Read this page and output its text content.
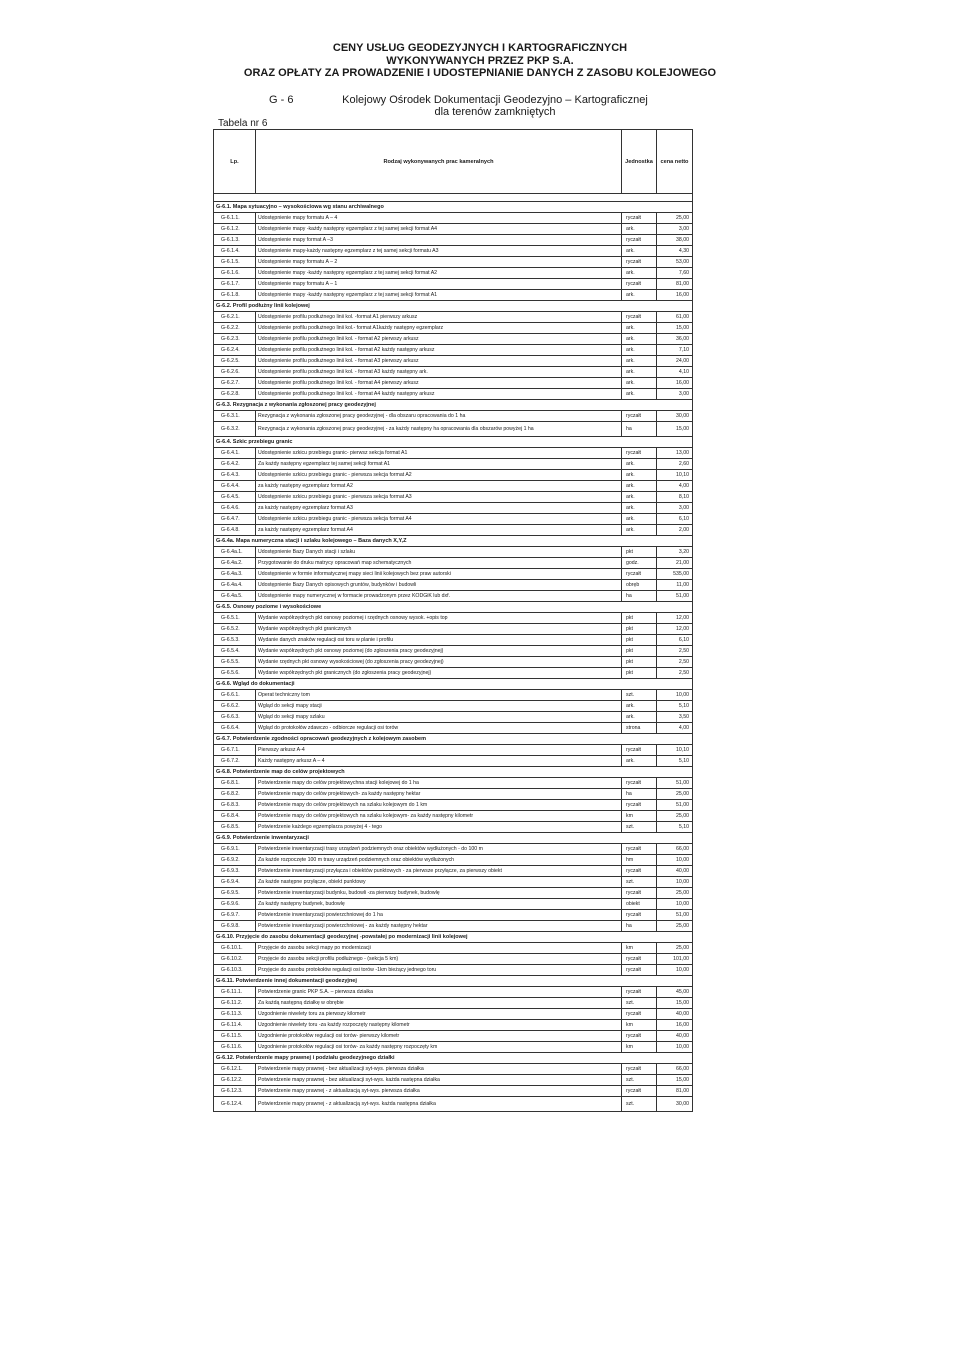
CENY USŁUG GEODEZYJNYCH I KARTOGRAFICZNYCH
WYKONYWANYCH PRZEZ PKP S.A.
ORAZ OPŁATY ZA PROWADZENIE I UDOSTEPNIANIE DANYCH Z ZASOBU KOLEJOWEGO
G - 6	Kolejowy Ośrodek Dokumentacji Geodezyjno – Kartograficznej
dla terenów zamkniętych
Tabela nr 6
Lp.	Rodzaj wykonywanych prac kameralnych	Jednostka	cena netto

G-6.1. Mapa sytuacyjno – wysokościowa wg stanu archiwalnego			
G-6.1.1.	Udostępnienie mapy formatu A – 4	ryczałt	25,00
G-6.1.2.	Udostępnienie mapy -każdy następny egzemplarz z tej samej sekcji format A4	ark.	3,00
G-6.1.3.	Udostępnienie mapy format A –3	ryczałt	38,00
G-6.1.4.	Udostępnienie mapy-każdy następny egzemplarz z tej samej sekcji formatu A3	ark.	4,30
G-6.1.5.	Udostępnienie mapy formatu A – 2	ryczałt	53,00
G-6.1.6.	Udostępnienie mapy -każdy następny egzemplarz z tej samej sekcji format A2	ark.	7,60
G-6.1.7.	Udostępnienie mapy formatu A – 1	ryczałt	81,00
G-6.1.8.	Udostępnienie mapy -każdy następny egzemplarz z tej samej sekcji format A1	ark.	16,00
G-6.2. Profil podłużny linii kolejowej			
G-6.2.1.	Udostępnienie profilu podłużnego linii kol. -format A1 pierwszy arkusz	ryczałt	61,00
G-6.2.2.	Udostępnienie profilu podłużnego linii kol.- format A1każdy następny egzemplarz	ark.	15,00
G-6.2.3.	Udostępnienie profilu podłużnego linii kol. - format A2 pierwszy arkusz	ark.	36,00
G-6.2.4.	Udostępnienie profilu podłużnego linii kol. - format A2 każdy następny arkusz	ark.	7,10
G-6.2.5.	Udostępnienie profilu podłużnego linii kol. - format A3 pierwszy arkusz	ark.	24,00
G-6.2.6.	Udostępnienie profilu podłużnego linii kol. - format A3 każdy następny ark.	ark.	4,10
G-6.2.7.	Udostępnienie profilu podłużnego linii kol. - format A4 pierwszy arkusz	ark.	16,00
G-6.2.8.	Udostępnienie profilu podłużnego linii kol. - format A4 każdy następny arkusz	ark.	3,00
G-6.3. Rezygnacja z wykonania zgłoszonej pracy geodezyjnej			
G-6.3.1.	Rezygnacja z wykonania zgłoszonej pracy geodezyjnej - dla obszaru opracowania do 1 ha	ryczałt	30,00
G-6.3.2.	Rezygnacja z wykonania zgłoszonej pracy geodezyjnej - za każdy następny ha opracowania dla obszarów powyżej 1 ha	ha	15,00
G-6.4. Szkic przebiegu granic			
G-6.4.1.	Udostępnienie szkicu przebiegu granic- pierwsz sekcja format A1	ryczałt	13,00
G-6.4.2.	Za każdy następny egzemplarz tej samej sekcji format A1	ark.	2,60
G-6.4.3.	Udostępnienie szkicu przebiegu granic - pierwsza sekcja format A2	ark.	10,10
G-6.4.4.	za każdy następny egzemplarz format A2	ark.	4,00
G-6.4.5.	Udostępnienie szkicu przebiegu granic - pierwsza sekcja format A3	ark.	8,10
G-6.4.6.	za każdy następny egzemplarz format A3	ark.	3,00
G-6.4.7.	Udostępnienie szkicu przebiegu granic - pierwsza sekcja format A4	ark.	6,10
G-6.4.8.	za każdy następny egzemplarz format A4	ark.	2,00
G-6.4a. Mapa numeryczna stacji i szlaku kolejowego – Baza danych X,Y,Z			
G-6.4a.1.	Udostępnienie Bazy Danych stacji i szlaku	pkt	3,20
G-6.4a.2.	Przygotowanie do druku matrycy opracowań map schematycznych	godz.	21,00
G-6.4a.3.	Udostępnienie w formie informatycznej mapy sieci linii kolejowych bez praw autorski	ryczałt	535,00
G-6.4a.4.	Udostępnienie Bazy Danych opisowych gruntów, budynków i budowli	obręb	11,00
G-6.4a.5.	Udostępnienie mapy numerycznej w formacie prowadzonym przez KODGiK lub dxf.	ha	51,00
G-6.5. Osnowy poziome i wysokościowe			
G-6.5.1.	Wydanie współrzędnych pkt osnowy poziomej i rzędnych osnowy wysok. +opis top	pkt	12,00
G-6.5.2.	Wydanie współrzędnych pkt granicznych	pkt	12,00
G-6.5.3.	Wydanie danych znaków regulacji osi toru w planie i profilu	pkt	6,10
G-6.5.4.	Wydanie współrzędnych pkt osnowy poziomej (do zgłoszenia pracy geodezyjnej)	pkt	2,50
G-6.5.5.	Wydanie rzędnych pkt osnowy wysokościowej (do zgłoszenia pracy geodezyjnej)	pkt	2,50
G-6.5.6.	Wydanie współrzędnych pkt granicznych (do zgłoszenia pracy geodezyjnej)	pkt	2,50
G-6.6. Wgląd do dokumentacji			
G-6.6.1.	Operat techniczny tom	szt.	10,00
G-6.6.2.	Wgląd do sekcji mapy stacji	ark.	5,10
G-6.6.3.	Wgląd do sekcji mapy szlaku	ark.	3,50
G-6.6.4.	Wgląd do protokołów zdawczo - odbiorcze regulacji osi torów	strona	4,00
G-6.7. Potwierdzenie zgodności opracowań geodezyjnych z kolejowym zasobem			
G-6.7.1.	Pierwszy arkusz A-4	ryczałt	10,10
G-6.7.2.	Każdy następny arkusz A – 4	ark.	5,10
G-6.8. Potwierdzenie map do celów projektowych			
G-6.8.1.	Potwierdzenie mapy do celów projektowychna stacji kolejowej do 1 ha	ryczałt	51,00
G-6.8.2.	Potwierdzenie mapy do celów projektowych- za każdy następny hektar	ha	25,00
G-6.8.3.	Potwierdzenie mapy do celów projektowych na szlaku kolejowym do 1 km	ryczałt	51,00
G-6.8.4.	Potwierdzenie mapy do celów projektowych na szlaku kolejowym- za każdy następny kilometr	km	25,00
G-6.8.5.	Potwierdzenie każdego egzemplarza powyżej 4 - tego	szt.	5,10
G-6.9. Potwierdzenie inwentaryzacji			
G-6.9.1.	Potwierdzenie inwentaryzacji trasy urządzeń podziemnych oraz obiektów wydłużonych - do 100 m	ryczałt	66,00
G-6.9.2.	Za każde rozpoczęte 100 m trasy urządzeń podziemnych oraz obiektów wydłużonych	hm	10,00
G-6.9.3.	Potwierdzenie inwentaryzacji przyłącza i obiektów punktowych - za pierwsze przyłącze, za pierwszy obiekt	ryczałt	40,00
G-6.9.4.	Za każde następne przyłącze, obiekt punktowy	szt.	10,00
G-6.9.5.	Potwierdzenie inwentaryzacji budynku, budowli -za pierwszy budynek, budowlę	ryczałt	25,00
G-6.9.6.	Za każdy następny budynek, budowlę	obiekt	10,00
G-6.9.7.	Potwierdzenie inwentaryzacji powierzchniowej do 1 ha	ryczałt	51,00
G-6.9.8.	Potwierdzenie inwentaryzacji powierzchniowej - za każdy następny hektar	ha	25,00
G-6.10. Przyjęcie do zasobu dokumentacji geodezyjnej -powstałej po modernizacji linii kolejowej			
G-6.10.1.	Przyjęcie do zasobu sekcji mapy po modernizacji	km	25,00
G-6.10.2.	Przyjęcie do zasobu sekcji profilu podłużnego - (sekcja 5 km)	ryczałt	101,00
G-6.10.3.	Przyjęcie do zasobu protokołów regulacji osi torów -1km bieżący jednego toru	ryczałt	10,00
G-6.11. Potwierdzenie innej dokumentacji geodezyjnej			
G-6.11.1.	Potwierdzenie granic PKP S.A. – pierwsza działka	ryczałt	45,00
G-6.11.2.	Za każdą następną działkę w obrębie	szt.	15,00
G-6.11.3.	Uzgodnienie niwelety toru za pierwszy kilometr	ryczałt	40,00
G-6.11.4.	Uzgodnienie niwelety toru -za każdy rozpoczęty następny kilometr	km	16,00
G-6.11.5.	Uzgodnienie protokołów regulacji osi torów- pierwszy kilometr	ryczałt	40,00
G-6.11.6.	Uzgodnienie protokołów regulacji osi torów- za każdy następny rozpoczęty km	km	10,00
G-6.12. Potwierdzenie mapy prawnej i podziału geodezyjnego działki			
G-6.12.1.	Potwierdzenie mapy prawnej - bez aktualizacji syt-wys. pierwsza działka	ryczałt	66,00
G-6.12.2.	Potwierdzenie mapy prawnej - bez aktualizacji syt-wys. każda następna działka	szt.	15,00
G-6.12.3.	Potwierdzenie mapy prawnej - z aktualizacją syt-wys. pierwsza działka	ryczałt	81,00
G-6.12.4.	Potwierdzenie mapy prawnej - z aktualizacją syt-wys. każda następna działka	szt.	30,00
